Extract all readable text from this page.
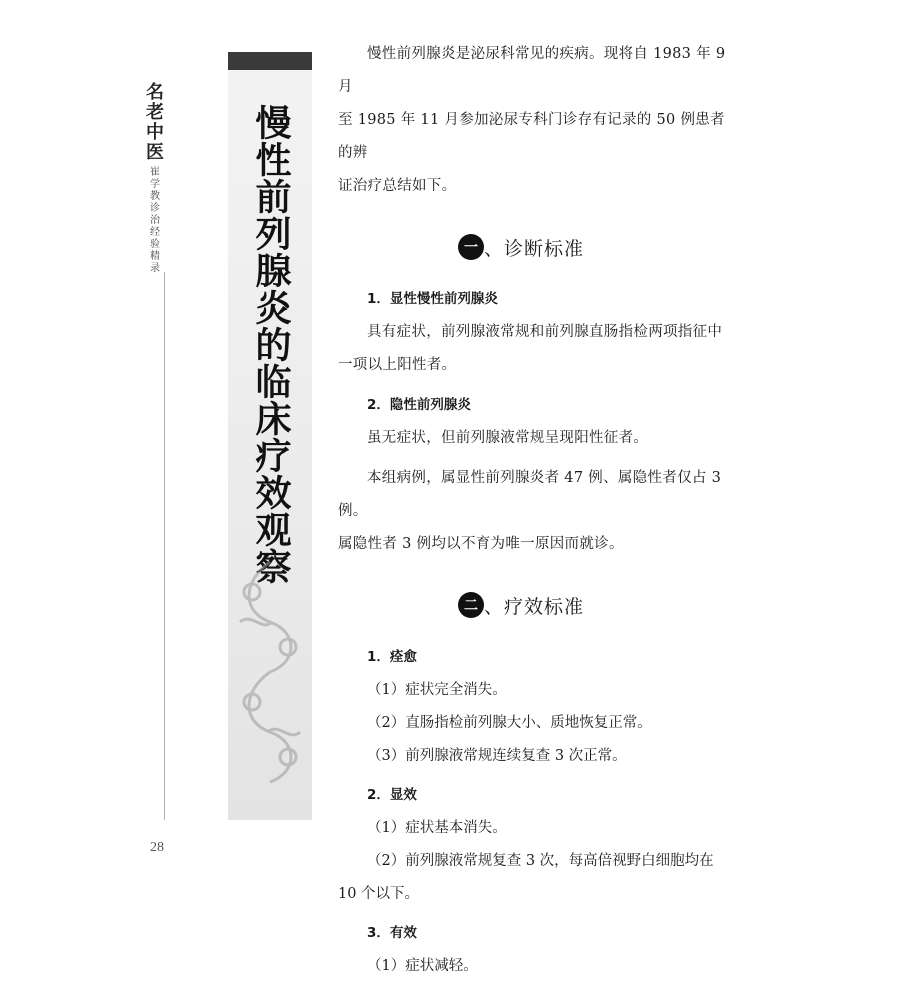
名老中医
崔学教诊治经验精录
28
慢性前列腺炎的临床疗效观察

慢性前列腺炎是泌尿科常见的疾病。现将自 1983 年 9 月
至 1985 年 11 月参加泌尿专科门诊存有记录的 50 例患者的辨
证治疗总结如下。

一 、诊断标准
1．显性慢性前列腺炎

具有症状，前列腺液常规和前列腺直肠指检两项指征中
一项以上阳性者。

2．隐性前列腺炎

虽无症状，但前列腺液常规呈现阳性征者。

本组病例，属显性前列腺炎者 47 例、属隐性者仅占 3 例。
属隐性者 3 例均以不育为唯一原因而就诊。

二 、疗效标准
1．痊愈
（1）症状完全消失。
（2）直肠指检前列腺大小、质地恢复正常。
（3）前列腺液常规连续复查 3 次正常。
2．显效
（1）症状基本消失。
（2）前列腺液常规复查 3 次，每高倍视野白细胞均在
10 个以下。
3．有效
（1）症状减轻。
